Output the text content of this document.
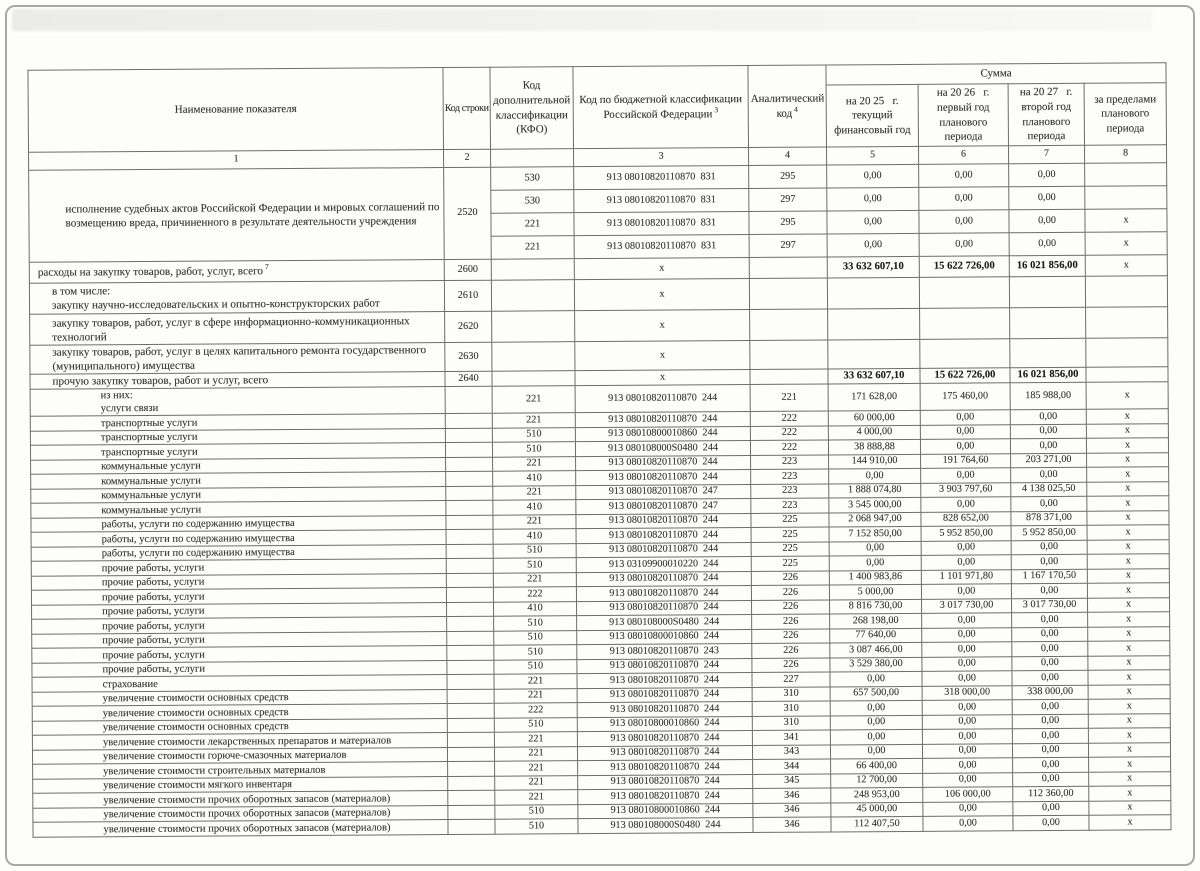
Наименование показателя	Код строки	Код дополнительной классификации (КФО)	Код по бюджетной классификации Российской Федерации $^3$	Аналитический код $^4$	Сумма			
					на 20 25   г.
текущий
финансовый год	на 20 26   г.
первый год
планового
периода	на 20 27   г.
второй год
планового
периода	за пределами
планового
периода
1	2		3	4	5	6	7	8
исполнение судебных актов Российской Федерации и мировых соглашений по возмещению вреда, причиненного в результате деятельности учреждения	2520	530	913 08010820110870  831	295	0,00	0,00	0,00	
		530	913 08010820110870  831	297	0,00	0,00	0,00	
		221	913 08010820110870  831	295	0,00	0,00	0,00	x
		221	913 08010820110870  831	297	0,00	0,00	0,00	x
расходы на закупку товаров, работ, услуг, всего $^7$	2600		x		33 632 607,10	15 622 726,00	16 021 856,00	x
в том числе:
закупку научно-исследовательских и опытно-конструкторских работ	2610		x					
закупку товаров, работ, услуг в сфере информационно-коммуникационных технологий	2620		x					
закупку товаров, работ, услуг в целях капитального ремонта государственного
(муниципального) имущества	2630		x					
прочую закупку товаров, работ и услуг, всего	2640		x		33 632 607,10	15 622 726,00	16 021 856,00	
из них:
услуги связи		221	913 08010820110870  244	221	171 628,00	175 460,00	185 988,00	x
транспортные услуги		221	913 08010820110870  244	222	60 000,00	0,00	0,00	x
транспортные услуги		510	913 08010800010860  244	222	4 000,00	0,00	0,00	x
транспортные услуги		510	913 080108000S0480  244	222	38 888,88	0,00	0,00	x
коммунальные услуги		221	913 08010820110870  244	223	144 910,00	191 764,60	203 271,00	x
коммунальные услуги		410	913 08010820110870  244	223	0,00	0,00	0,00	x
коммунальные услуги		221	913 08010820110870  247	223	1 888 074,80	3 903 797,60	4 138 025,50	x
коммунальные услуги		410	913 08010820110870  247	223	3 545 000,00	0,00	0,00	x
работы, услуги по содержанию имущества		221	913 08010820110870  244	225	2 068 947,00	828 652,00	878 371,00	x
работы, услуги по содержанию имущества		410	913 08010820110870  244	225	7 152 850,00	5 952 850,00	5 952 850,00	x
работы, услуги по содержанию имущества		510	913 08010820110870  244	225	0,00	0,00	0,00	x
прочие работы, услуги		510	913 03109900010220  244	225	0,00	0,00	0,00	x
прочие работы, услуги		221	913 08010820110870  244	226	1 400 983,86	1 101 971,80	1 167 170,50	x
прочие работы, услуги		222	913 08010820110870  244	226	5 000,00	0,00	0,00	x
прочие работы, услуги		410	913 08010820110870  244	226	8 816 730,00	3 017 730,00	3 017 730,00	x
прочие работы, услуги		510	913 080108000S0480  244	226	268 198,00	0,00	0,00	x
прочие работы, услуги		510	913 08010800010860  244	226	77 640,00	0,00	0,00	x
прочие работы, услуги		510	913 08010820110870  243	226	3 087 466,00	0,00	0,00	x
прочие работы, услуги		510	913 08010820110870  244	226	3 529 380,00	0,00	0,00	x
страхование		221	913 08010820110870  244	227	0,00	0,00	0,00	x
увеличение стоимости основных средств		221	913 08010820110870  244	310	657 500,00	318 000,00	338 000,00	x
увеличение стоимости основных средств		222	913 08010820110870  244	310	0,00	0,00	0,00	x
увеличение стоимости основных средств		510	913 08010800010860  244	310	0,00	0,00	0,00	x
увеличение стоимости лекарственных препаратов и материалов		221	913 08010820110870  244	341	0,00	0,00	0,00	x
увеличение стоимости горюче-смазочных материалов		221	913 08010820110870  244	343	0,00	0,00	0,00	x
увеличение стоимости строительных материалов		221	913 08010820110870  244	344	66 400,00	0,00	0,00	x
увеличение стоимости мягкого инвентаря		221	913 08010820110870  244	345	12 700,00	0,00	0,00	x
увеличение стоимости прочих оборотных запасов (материалов)		221	913 08010820110870  244	346	248 953,00	106 000,00	112 360,00	x
увеличение стоимости прочих оборотных запасов (материалов)		510	913 08010800010860  244	346	45 000,00	0,00	0,00	x
увеличение стоимости прочих оборотных запасов (материалов)		510	913 080108000S0480  244	346	112 407,50	0,00	0,00	x
